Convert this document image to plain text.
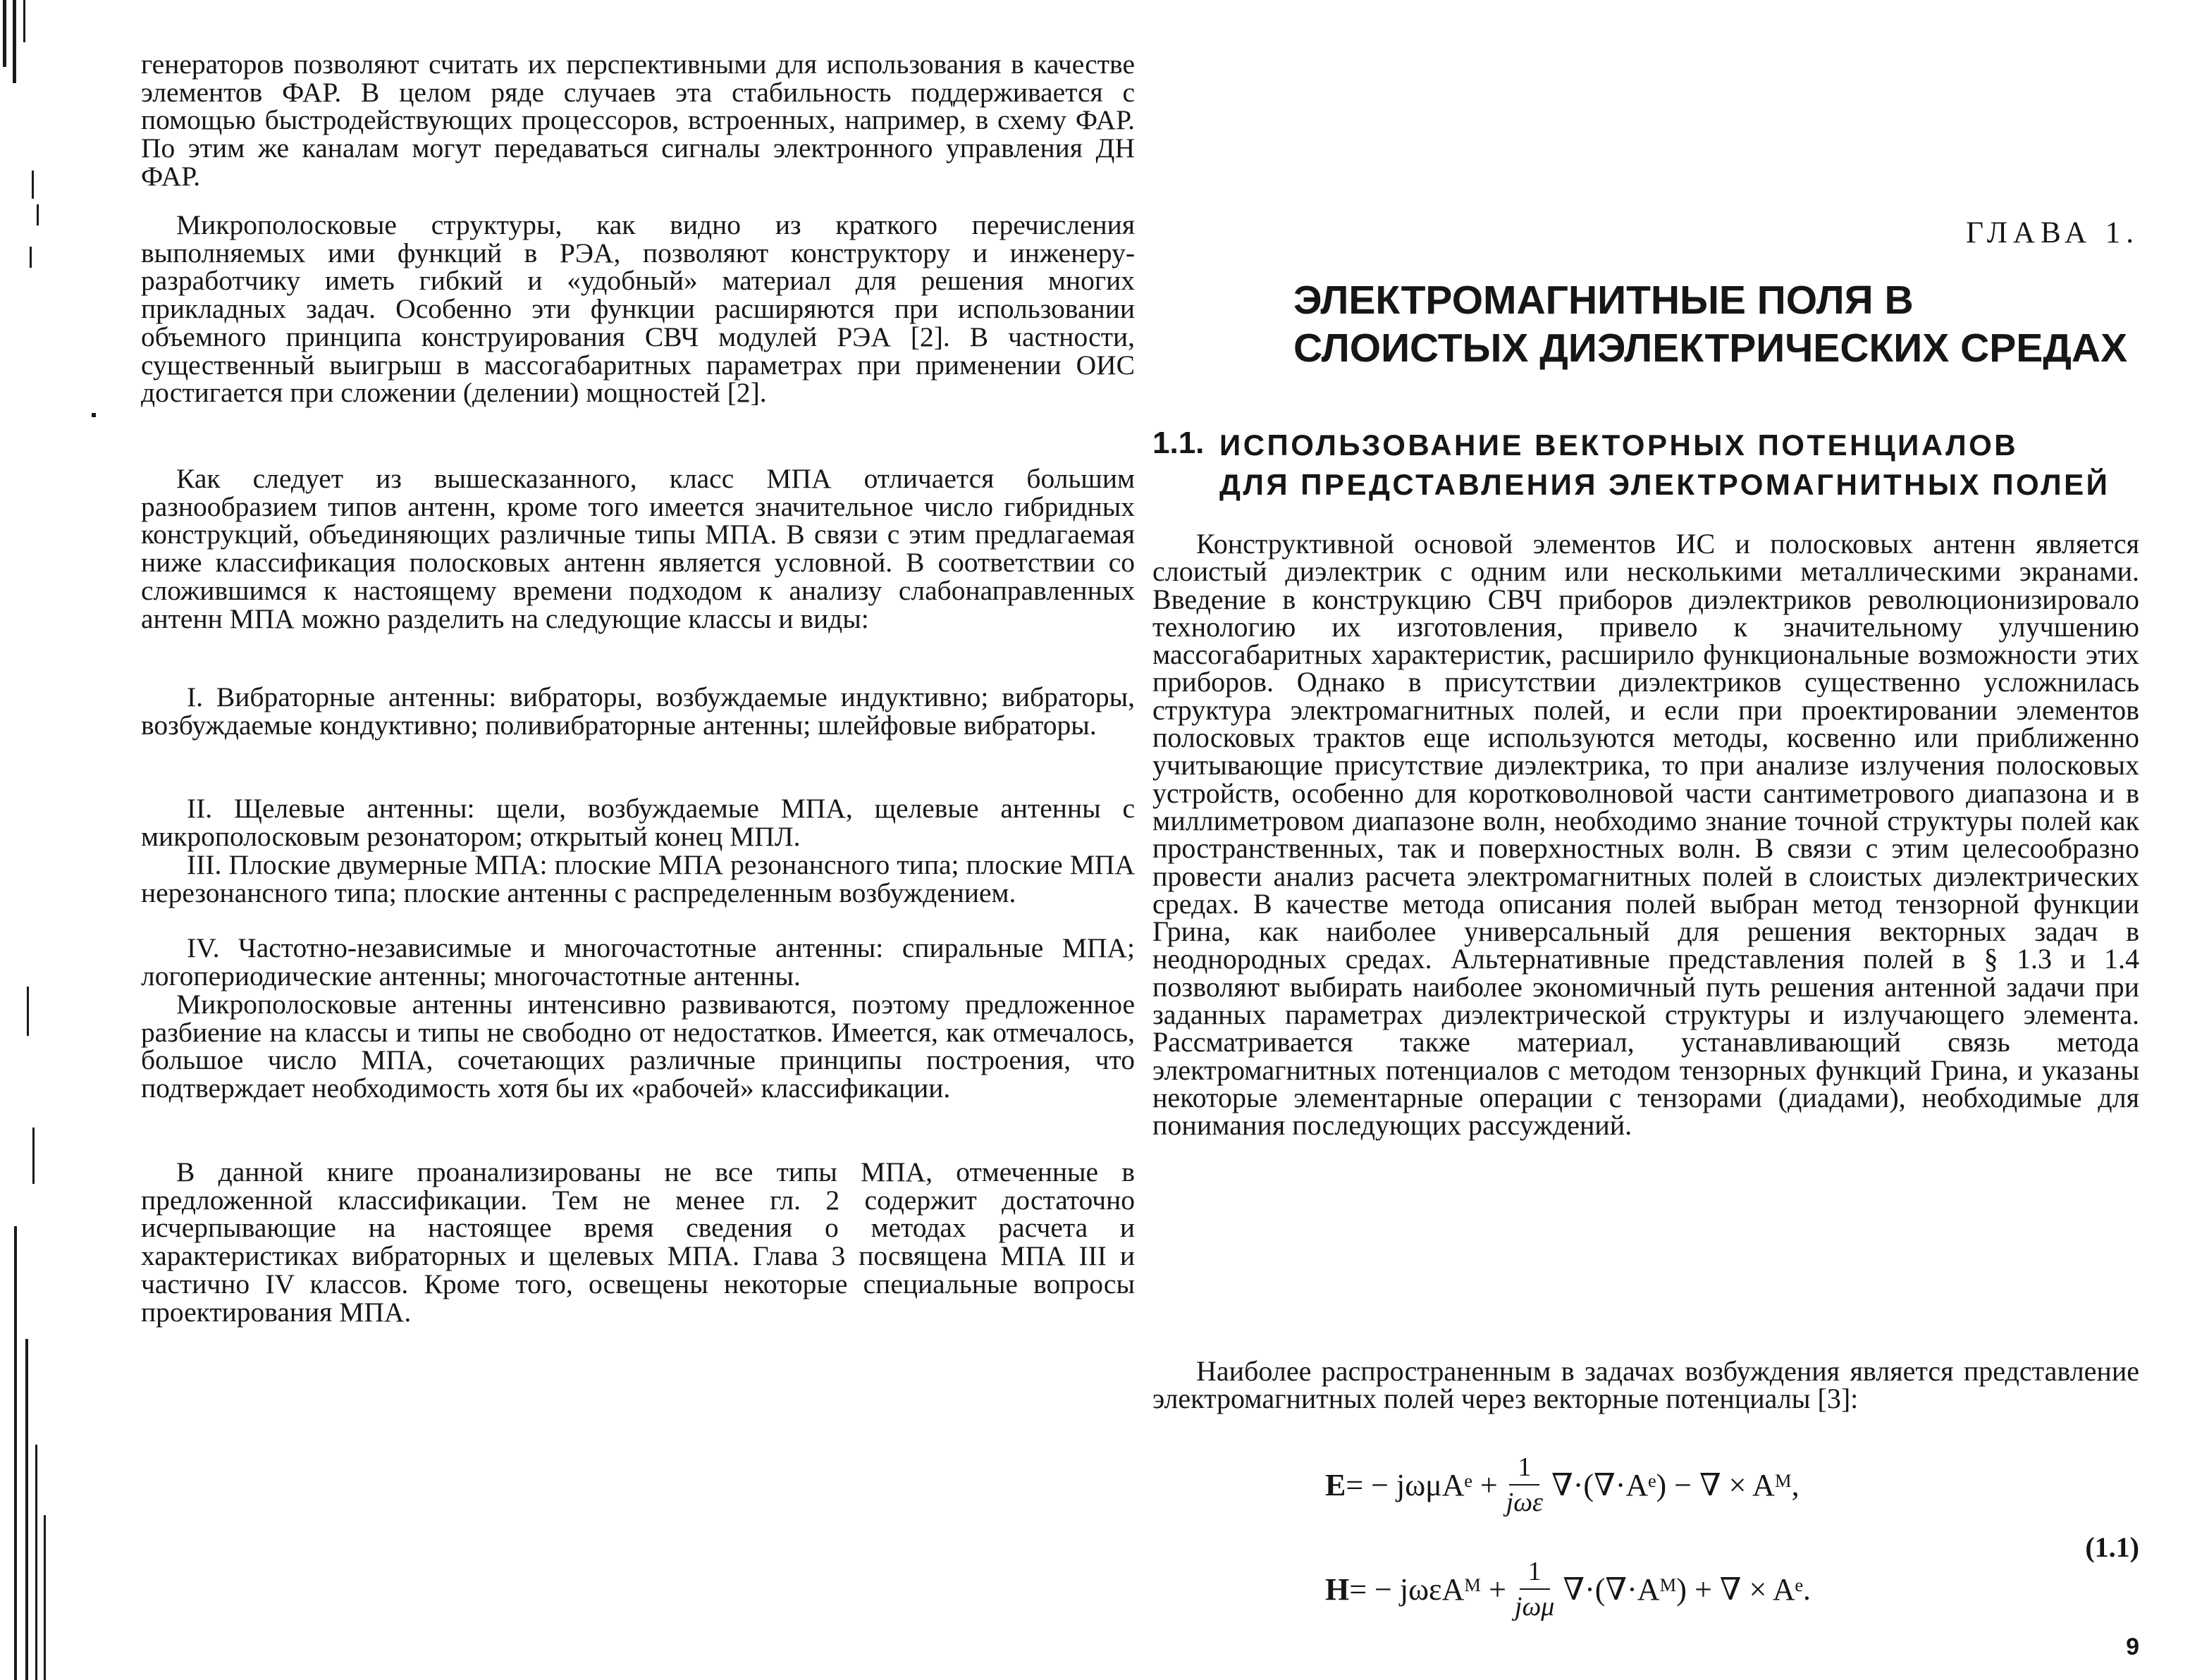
генераторов позволяют считать их перспективными для использования в качестве элементов ФАР. В целом ряде случаев эта стабильность поддерживается с помощью быстродействующих процессоров, встроенных, например, в схему ФАР. По этим же каналам могут передаваться сигналы электронного управления ДН ФАР.

Микрополосковые структуры, как видно из краткого перечисления выполняемых ими функций в РЭА, позволяют конструктору и инженеру-разработчику иметь гибкий и «удобный» материал для решения многих прикладных задач. Особенно эти функции расширяются при использовании объемного принципа конструирования СВЧ модулей РЭА [2]. В частности, существенный выигрыш в массогабаритных параметрах при применении ОИС достигается при сложении (делении) мощностей [2].

Как следует из вышесказанного, класс МПА отличается большим разнообразием типов антенн, кроме того имеется значительное число гибридных конструкций, объединяющих различные типы МПА. В связи с этим предлагаемая ниже классификация полосковых антенн является условной. В соответствии со сложившимся к настоящему времени подходом к анализу слабонаправленных антенн МПА можно разделить на следующие классы и виды:

I. Вибраторные антенны: вибраторы, возбуждаемые индуктивно; вибраторы, возбуждаемые кондуктивно; поливибраторные антенны; шлейфовые вибраторы.

II. Щелевые антенны: щели, возбуждаемые МПА, щелевые антенны с микрополосковым резонатором; открытый конец МПЛ.

III. Плоские двумерные МПА: плоские МПА резонансного типа; плоские МПА нерезонансного типа; плоские антенны с распределенным возбуждением.

IV. Частотно-независимые и многочастотные антенны: спиральные МПА; логопериодические антенны; многочастотные антенны.

Микрополосковые антенны интенсивно развиваются, поэтому предложенное разбиение на классы и типы не свободно от недостатков. Имеется, как отмечалось, большое число МПА, сочетающих различные принципы построения, что подтверждает необходимость хотя бы их «рабочей» классификации.

В данной книге проанализированы не все типы МПА, отмеченные в предложенной классификации. Тем не менее гл. 2 содержит достаточно исчерпывающие на настоящее время сведения о методах расчета и характеристиках вибраторных и щелевых МПА. Глава 3 посвящена МПА III и частично IV классов. Кроме того, освещены некоторые специальные вопросы проектирования МПА.

ГЛАВА 1.
ЭЛЕКТРОМАГНИТНЫЕ ПОЛЯ В СЛОИСТЫХ ДИЭЛЕКТРИЧЕСКИХ СРЕДАХ
1.1. ИСПОЛЬЗОВАНИЕ ВЕКТОРНЫХ ПОТЕНЦИАЛОВ
ДЛЯ ПРЕДСТАВЛЕНИЯ ЭЛЕКТРОМАГНИТНЫХ ПОЛЕЙ

Конструктивной основой элементов ИС и полосковых антенн является слоистый диэлектрик с одним или несколькими металлическими экранами. Введение в конструкцию СВЧ приборов диэлектриков революционизировало технологию их изготовления, привело к значительному улучшению массогабаритных характеристик, расширило функциональные возможности этих приборов. Однако в присутствии диэлектриков существенно усложнилась структура электромагнитных полей, и если при проектировании элементов полосковых трактов еще используются методы, косвенно или приближенно учитывающие присутствие диэлектрика, то при анализе излучения полосковых устройств, особенно для коротковолновой части сантиметрового диапазона и в миллиметровом диапазоне волн, необходимо знание точной структуры полей как пространственных, так и поверхностных волн. В связи с этим целесообразно провести анализ расчета электромагнитных полей в слоистых диэлектрических средах. В качестве метода описания полей выбран метод тензорной функции Грина, как наиболее универсальный для решения векторных задач в неоднородных средах. Альтернативные представления полей в § 1.3 и 1.4 позволяют выбирать наиболее экономичный путь решения антенной задачи при заданных параметрах диэлектрической структуры и излучающего элемента. Рассматривается также материал, устанавливающий связь метода электромагнитных потенциалов с методом тензорных функций Грина, и указаны некоторые элементарные операции с тензорами (диадами), необходимые для понимания последующих рассуждений.

Наиболее распространенным в задачах возбуждения является представление электромагнитных полей через векторные потенциалы [3]:

E = − jωμAᵉ + $\frac{1}{\text{jωε}}$ ∇·(∇·Aᵉ) − ∇ × Aᴹ,
H = − jωεAᴹ + $\frac{1}{\text{jωμ}}$ ∇·(∇·Aᴹ) + ∇ × Aᵉ.
(1.1)

9
